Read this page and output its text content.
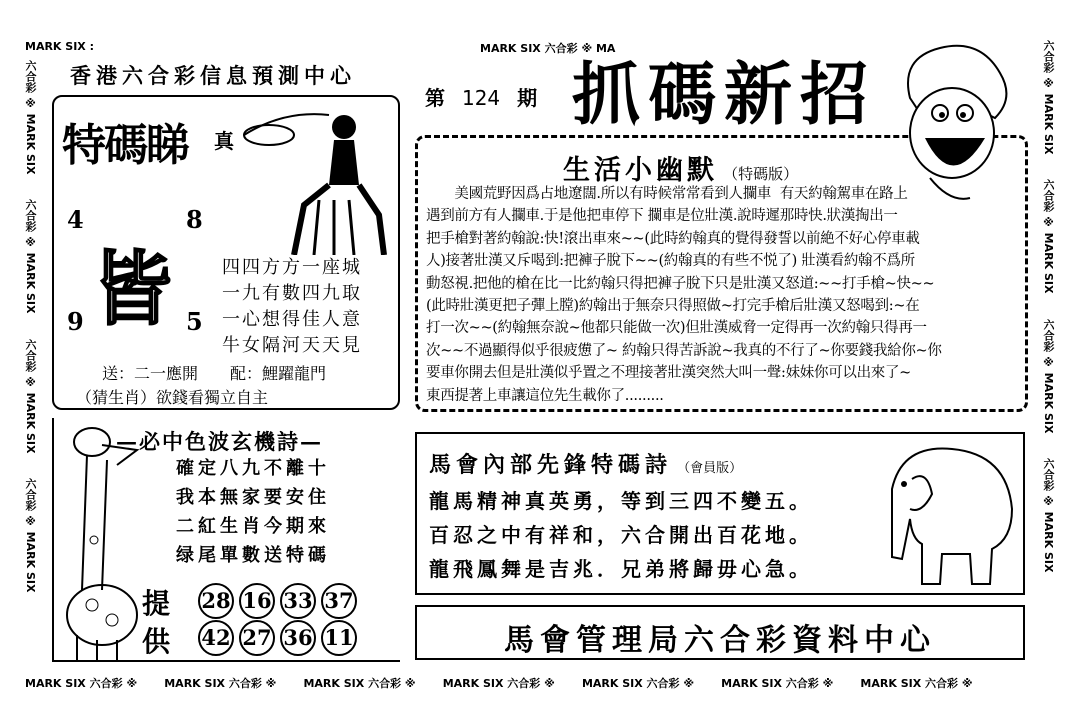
MARK SIX :	MARK SIX 六合彩 ※ MA
六合彩 ※ MARK SIX
六合彩 ※ MARK SIX
六合彩 ※ MARK SIX
六合彩 ※ MARK SIX
六合彩 ※ MARK SIX
六合彩 ※ MARK SIX
六合彩 ※ MARK SIX
六合彩 ※ MARK SIX
MARK SIX 六合彩 ※ MARK SIX 六合彩 ※ MARK SIX 六合彩 ※ MARK SIX 六合彩 ※ MARK SIX 六合彩 ※ MARK SIX 六合彩 ※ MARK SIX 六合彩 ※
香港六合彩信息預測中心
特碼睇 真
4	8
9	5
皆	四四方方一座城
一九有數四九取
一心想得佳人意
牛女隔河天天見
送：二一應開　　配：鯉躍龍門
（猜生肖）欲錢看獨立自主
—必中色波玄機詩—
確定八九不離十
我本無家要安住
二紅生肖今期來
绿尾單數送特碼
提
供
28 16 33 37
42 27 36 11
第 124 期 抓碼新招
生活小幽默 （特碼版）
　　美國荒野因爲占地遼闊.所以有時候常常看到人攔車  有天約翰駕車在路上
遇到前方有人攔車.于是他把車停下 攔車是位壯漢.說時遲那時快.狀漢掏出一
把手槍對著約翰說:快!滾出車來~~(此時約翰真的覺得發誓以前絶不好心停車載
人)接著壯漢又斥喝到:把褲子脫下~~(約翰真的有些不悦了) 壯漢看約翰不爲所
動怒視.把他的槍在比一比約翰只得把褲子脫下只是壯漢又怒道:~~打手槍~快~~
(此時壯漢更把子彈上膛)約翰出于無奈只得照做~打完手槍后壯漢又怒喝到:~在
打一次~~(約翰無奈說~他都只能做一次)但壯漢威脅一定得再一次約翰只得再一
次~~不過顯得似乎很疲憊了~ 約翰只得苦訴說~我真的不行了~你要錢我給你~你
要車你開去但是壯漢似乎置之不理接著壯漢突然大叫一聲:妹妹你可以出來了~
東西提著上車讓這位先生載你了.........
馬會內部先鋒特碼詩 （會員版）
龍馬精神真英勇，等到三四不變五。
百忍之中有祥和，六合開出百花地。
龍飛鳳舞是吉兆．兄弟將歸毋心急。
馬會管理局六合彩資料中心
